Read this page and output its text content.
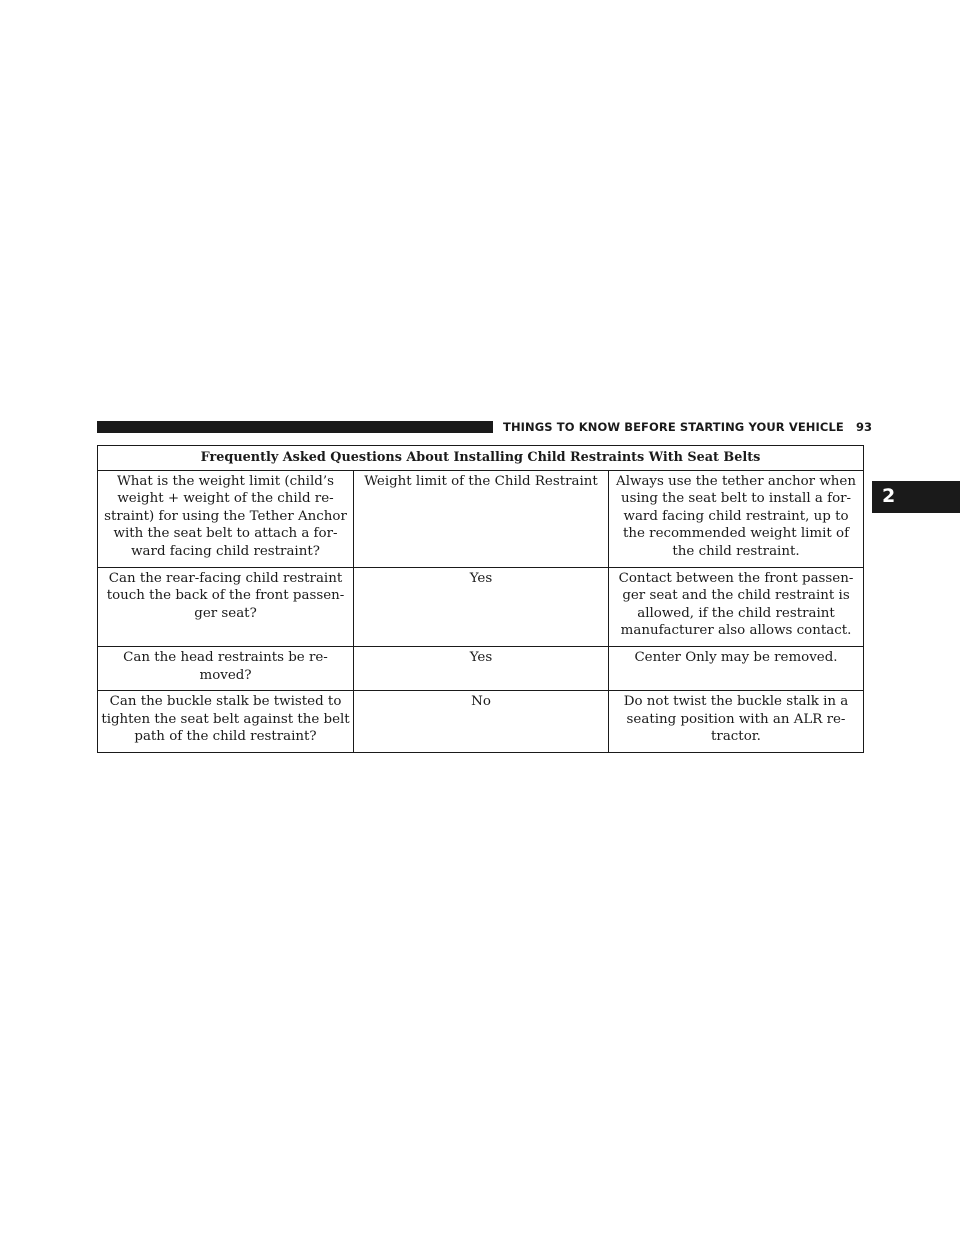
THINGS TO KNOW BEFORE STARTING YOUR VEHICLE 93
2
Frequently Asked Questions About Installing Child Restraints With Seat Belts		
What is the weight limit (child’s weight + weight of the child re-straint) for using the Tether Anchor with the seat belt to attach a for-ward facing child restraint?	Weight limit of the Child Restraint	Always use the tether anchor when using the seat belt to install a for-ward facing child restraint, up to the recommended weight limit of the child restraint.
Can the rear-facing child restraint touch the back of the front passen-ger seat?	Yes	Contact between the front passen-ger seat and the child restraint is allowed, if the child restraint manufacturer also allows contact.
Can the head restraints be re-moved?	Yes	Center Only may be removed.
Can the buckle stalk be twisted to tighten the seat belt against the belt path of the child restraint?	No	Do not twist the buckle stalk in a seating position with an ALR re-tractor.
